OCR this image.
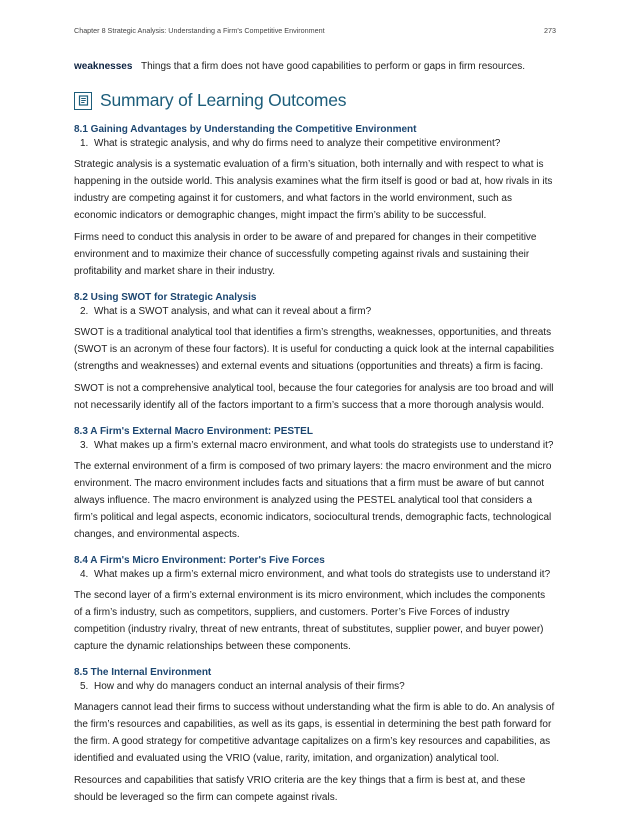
Chapter 8 Strategic Analysis: Understanding a Firm's Competitive Environment	273

weaknesses Things that a firm does not have good capabilities to perform or gaps in firm resources.

Summary of Learning Outcomes
8.1 Gaining Advantages by Understanding the Competitive Environment
1. What is strategic analysis, and why do firms need to analyze their competitive environment?

Strategic analysis is a systematic evaluation of a firm’s situation, both internally and with respect to what is happening in the outside world. This analysis examines what the firm itself is good or bad at, how rivals in its industry are competing against it for customers, and what factors in the world environment, such as economic indicators or demographic changes, might impact the firm’s ability to be successful.

Firms need to conduct this analysis in order to be aware of and prepared for changes in their competitive environment and to maximize their chance of successfully competing against rivals and sustaining their profitability and market share in their industry.

8.2 Using SWOT for Strategic Analysis
2. What is a SWOT analysis, and what can it reveal about a firm?

SWOT is a traditional analytical tool that identifies a firm’s strengths, weaknesses, opportunities, and threats (SWOT is an acronym of these four factors). It is useful for conducting a quick look at the internal capabilities (strengths and weaknesses) and external events and situations (opportunities and threats) a firm is facing.

SWOT is not a comprehensive analytical tool, because the four categories for analysis are too broad and will not necessarily identify all of the factors important to a firm’s success that a more thorough analysis would.

8.3 A Firm's External Macro Environment: PESTEL
3. What makes up a firm’s external macro environment, and what tools do strategists use to understand it?

The external environment of a firm is composed of two primary layers: the macro environment and the micro environment. The macro environment includes facts and situations that a firm must be aware of but cannot always influence. The macro environment is analyzed using the PESTEL analytical tool that considers a firm’s political and legal aspects, economic indicators, sociocultural trends, demographic facts, technological changes, and environmental aspects.

8.4 A Firm's Micro Environment: Porter's Five Forces
4. What makes up a firm’s external micro environment, and what tools do strategists use to understand it?

The second layer of a firm’s external environment is its micro environment, which includes the components of a firm’s industry, such as competitors, suppliers, and customers. Porter’s Five Forces of industry competition (industry rivalry, threat of new entrants, threat of substitutes, supplier power, and buyer power) capture the dynamic relationships between these components.

8.5 The Internal Environment
5. How and why do managers conduct an internal analysis of their firms?

Managers cannot lead their firms to success without understanding what the firm is able to do. An analysis of the firm’s resources and capabilities, as well as its gaps, is essential in determining the best path forward for the firm. A good strategy for competitive advantage capitalizes on a firm’s key resources and capabilities, as identified and evaluated using the VRIO (value, rarity, imitation, and organization) analytical tool.

Resources and capabilities that satisfy VRIO criteria are the key things that a firm is best at, and these should be leveraged so the firm can compete against rivals.
